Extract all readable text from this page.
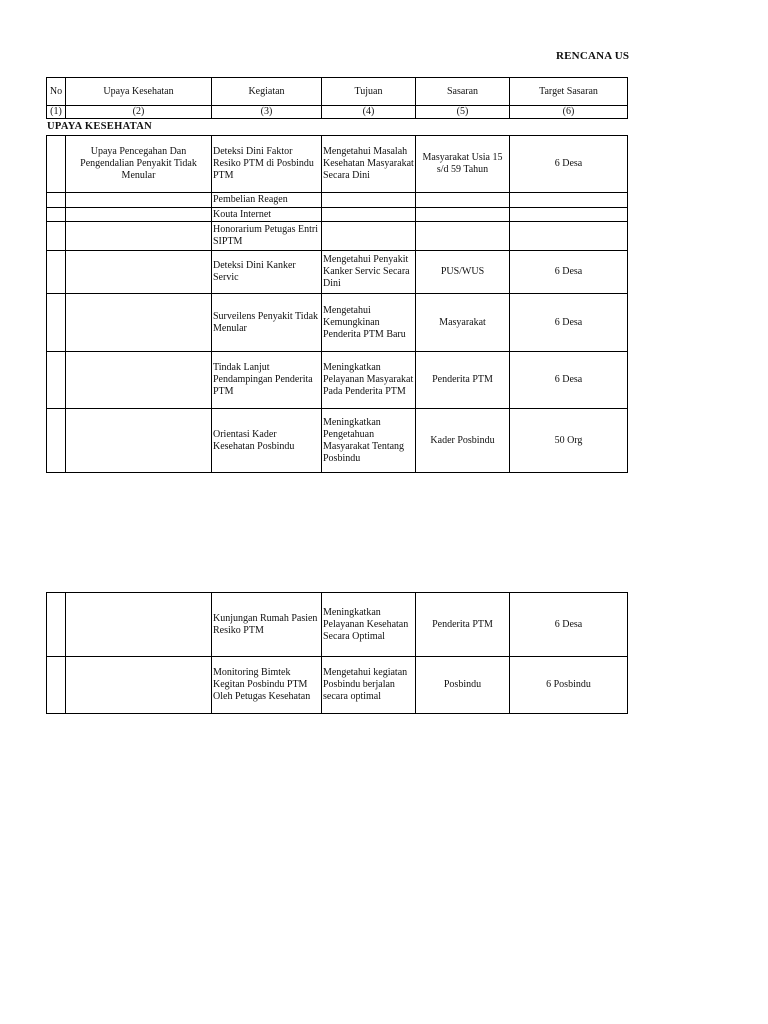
RENCANA US
No	Upaya Kesehatan	Kegiatan	Tujuan	Sasaran	Target Sasaran
(1)	(2)	(3)	(4)	(5)	(6)
UPAYA KESEHATAN
	Upaya Pencegahan Dan Pengendalian Penyakit Tidak Menular	Deteksi Dini Faktor Resiko PTM di Posbindu PTM	Mengetahui Masalah Kesehatan Masyarakat Secara Dini	Masyarakat Usia 15 s/d 59 Tahun	6 Desa
		Pembelian Reagen			
		Kouta Internet			
		Honorarium Petugas Entri SIPTM			
		Deteksi Dini Kanker Servic	Mengetahui Penyakit Kanker Servic Secara Dini	PUS/WUS	6 Desa
		Surveilens Penyakit Tidak Menular	Mengetahui Kemungkinan Penderita PTM Baru	Masyarakat	6 Desa
		Tindak Lanjut Pendampingan Penderita PTM	Meningkatkan Pelayanan Masyarakat Pada Penderita PTM	Penderita PTM	6 Desa
		Orientasi Kader Kesehatan Posbindu	Meningkatkan Pengetahuan Masyarakat Tentang Posbindu	Kader Posbindu	50 Org
		Kunjungan Rumah Pasien Resiko PTM	Meningkatkan Pelayanan Kesehatan Secara Optimal	Penderita PTM	6 Desa
		Monitoring Bimtek Kegitan Posbindu PTM Oleh Petugas Kesehatan	Mengetahui kegiatan Posbindu berjalan secara optimal	Posbindu	6 Posbindu
